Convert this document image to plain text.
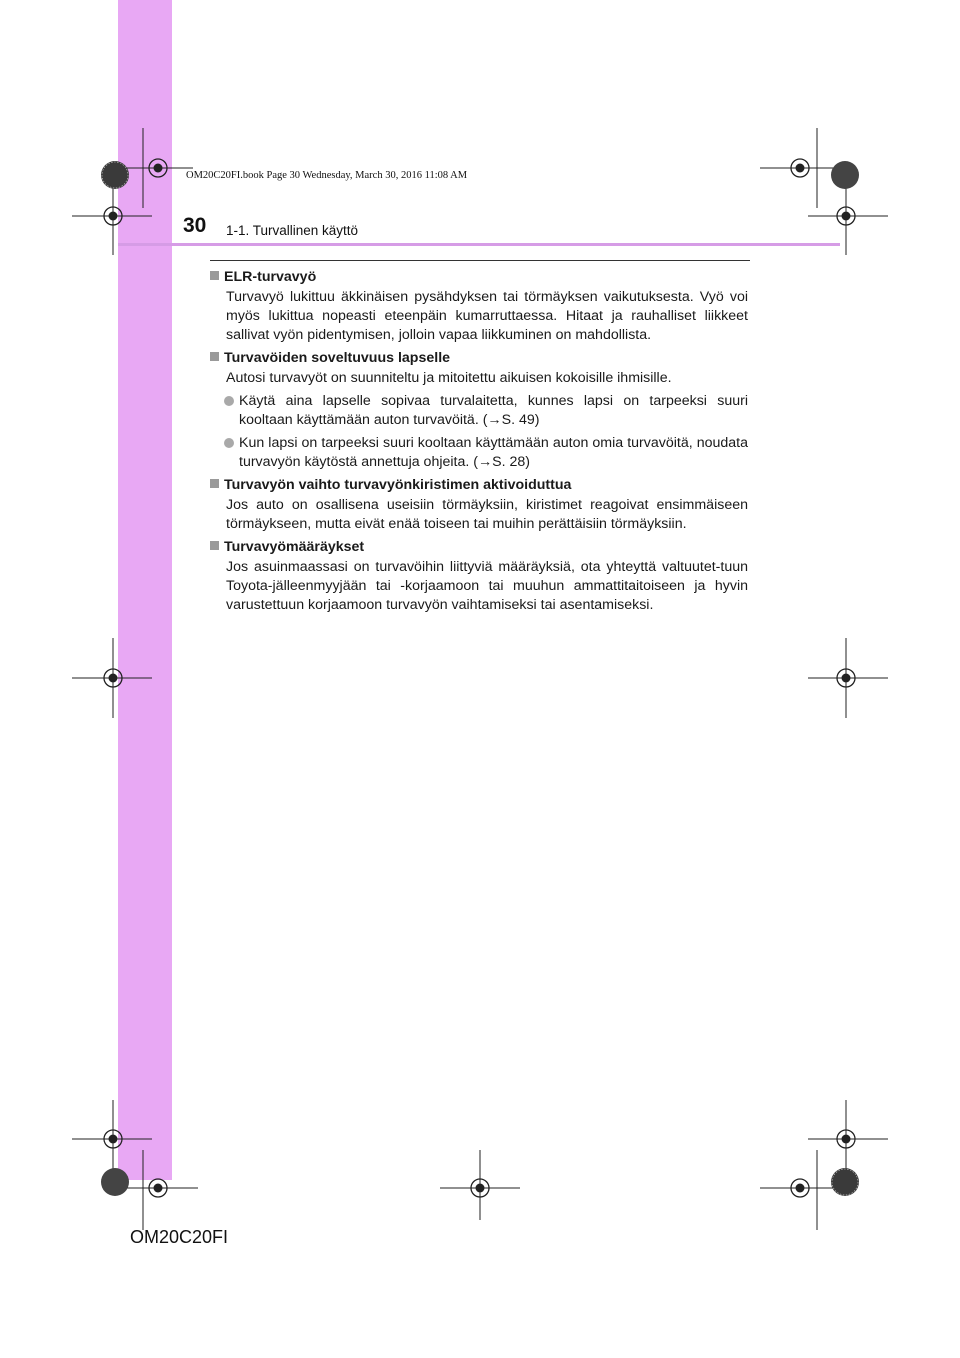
OM20C20FI.book Page 30 Wednesday, March 30, 2016 11:08 AM
30 1-1. Turvallinen käyttö
ELR-turvavyö
Turvavyö lukittuu äkkinäisen pysähdyksen tai törmäyksen vaikutuksesta. Vyö voi myös lukittua nopeasti eteenpäin kumarruttaessa. Hitaat ja rauhalliset liikkeet sallivat vyön pidentymisen, jolloin vapaa liikkuminen on mahdollista.
Turvavöiden soveltuvuus lapselle
Autosi turvavyöt on suunniteltu ja mitoitettu aikuisen kokoisille ihmisille.
Käytä aina lapselle sopivaa turvalaitetta, kunnes lapsi on tarpeeksi suuri kooltaan käyttämään auton turvavöitä. (→S. 49)
Kun lapsi on tarpeeksi suuri kooltaan käyttämään auton omia turvavöitä, noudata turvavyön käytöstä annettuja ohjeita. (→S. 28)
Turvavyön vaihto turvavyönkiristimen aktivoiduttua
Jos auto on osallisena useisiin törmäyksiin, kiristimet reagoivat ensimmäiseen törmäykseen, mutta eivät enää toiseen tai muihin perättäisiin törmäyksiin.
Turvavyömääräykset
Jos asuinmaassasi on turvavöihin liittyviä määräyksiä, ota yhteyttä valtuutet-tuun Toyota-jälleenmyyjään tai -korjaamoon tai muuhun ammattitaitoiseen ja hyvin varustettuun korjaamoon turvavyön vaihtamiseksi tai asentamiseksi.
OM20C20FI
